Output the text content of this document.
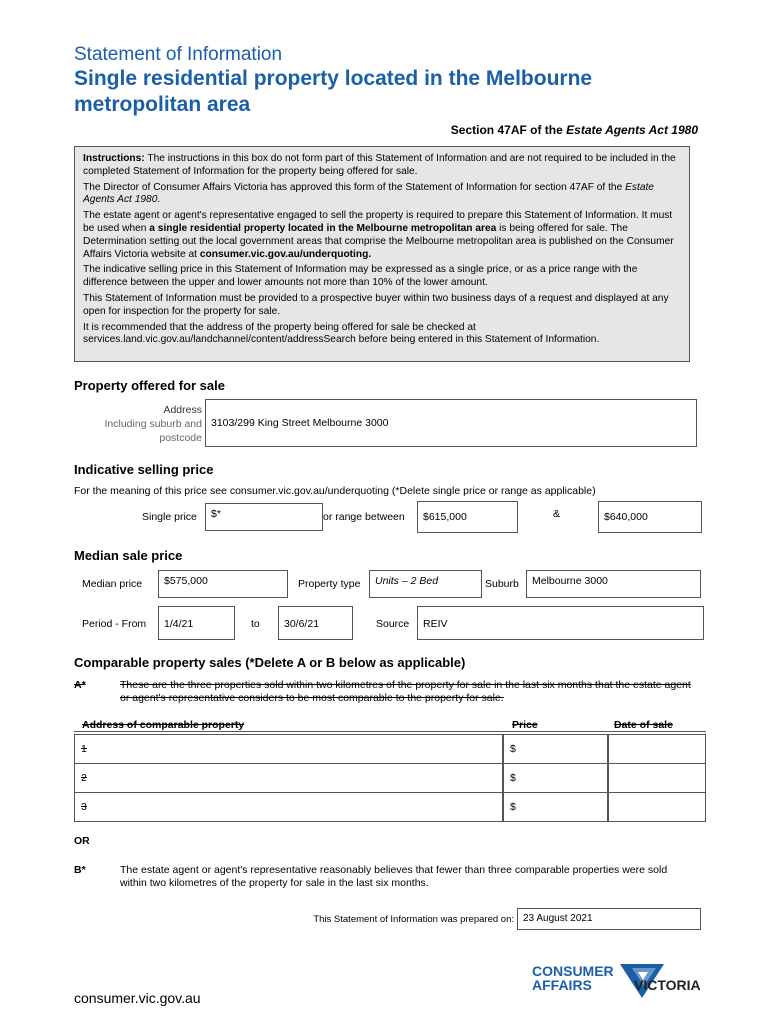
Statement of Information
Single residential property located in the Melbourne metropolitan area
Section 47AF of the Estate Agents Act 1980

Instructions: The instructions in this box do not form part of this Statement of Information and are not required to be included in the completed Statement of Information for the property being offered for sale.

The Director of Consumer Affairs Victoria has approved this form of the Statement of Information for section 47AF of the Estate Agents Act 1980.

The estate agent or agent's representative engaged to sell the property is required to prepare this Statement of Information. It must be used when a single residential property located in the Melbourne metropolitan area is being offered for sale. The Determination setting out the local government areas that comprise the Melbourne metropolitan area is published on the Consumer Affairs Victoria website at consumer.vic.gov.au/underquoting.

The indicative selling price in this Statement of Information may be expressed as a single price, or as a price range with the difference between the upper and lower amounts not more than 10% of the lower amount.

This Statement of Information must be provided to a prospective buyer within two business days of a request and displayed at any open for inspection for the property for sale.

It is recommended that the address of the property being offered for sale be checked at services.land.vic.gov.au/landchannel/content/addressSearch before being entered in this Statement of Information.

Property offered for sale
Address
Including suburb and
postcode
3103/299 King Street Melbourne 3000
Indicative selling price
For the meaning of this price see consumer.vic.gov.au/underquoting (*Delete single price or range as applicable)
Single price	$*	or range between	$615,000	&	$640,000
Median sale price
Median price	$575,000	Property type	Units – 2 Bed	Suburb	Melbourne 3000
Period - From	1/4/21	to	30/6/21	Source	REIV
Comparable property sales (*Delete A or B below as applicable)
A*	These are the three properties sold within two kilometres of the property for sale in the last six months that the estate agent or agent's representative considers to be most comparable to the property for sale.
Address of comparable property	Price	Date of sale
1	$
2	$
3	$
OR
B*	The estate agent or agent's representative reasonably believes that fewer than three comparable properties were sold within two kilometres of the property for sale in the last six months.
This Statement of Information was prepared on: 23 August 2021
CONSUMER
AFFAIRS	VICTORIA
consumer.vic.gov.au
